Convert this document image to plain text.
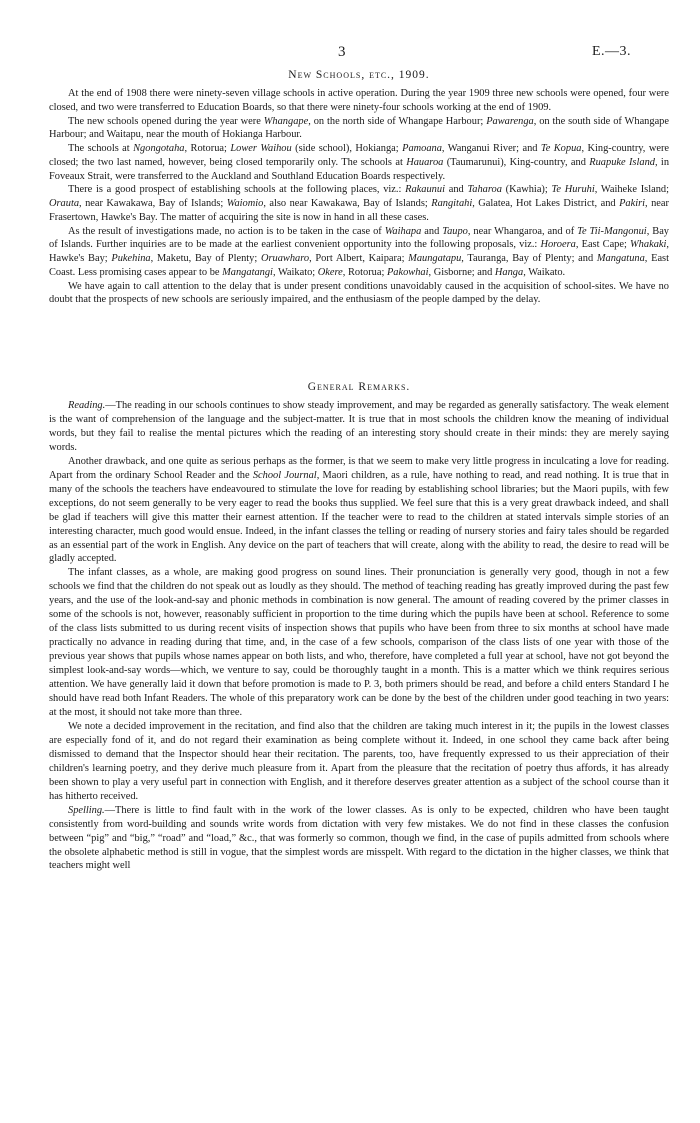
3	E.—3.
New Schools, etc., 1909.

At the end of 1908 there were ninety-seven village schools in active operation. During the year 1909 three new schools were opened, four were closed, and two were transferred to Education Boards, so that there were ninety-four schools working at the end of 1909.

The new schools opened during the year were Whangape, on the north side of Whangape Harbour; Pawarenga, on the south side of Whangape Harbour; and Waitapu, near the mouth of Hokianga Harbour.

The schools at Ngongotaha, Rotorua; Lower Waihou (side school), Hokianga; Pamoana, Wanganui River; and Te Kopua, King-country, were closed; the two last named, however, being closed temporarily only. The schools at Hauaroa (Taumarunui), King-country, and Ruapuke Island, in Foveaux Strait, were transferred to the Auckland and Southland Education Boards respectively.

There is a good prospect of establishing schools at the following places, viz.: Rakaunui and Taharoa (Kawhia); Te Huruhi, Waiheke Island; Orauta, near Kawakawa, Bay of Islands; Waiomio, also near Kawakawa, Bay of Islands; Rangitahi, Galatea, Hot Lakes District, and Pakiri, near Frasertown, Hawke's Bay. The matter of acquiring the site is now in hand in all these cases.

As the result of investigations made, no action is to be taken in the case of Waihapa and Taupo, near Whangaroa, and of Te Tii-Mangonui, Bay of Islands. Further inquiries are to be made at the earliest convenient opportunity into the following proposals, viz.: Horoera, East Cape; Whakaki, Hawke's Bay; Pukehina, Maketu, Bay of Plenty; Oruawharo, Port Albert, Kaipara; Maungatapu, Tauranga, Bay of Plenty; and Mangatuna, East Coast. Less promising cases appear to be Mangatangi, Waikato; Okere, Rotorua; Pakowhai, Gisborne; and Hanga, Waikato.

We have again to call attention to the delay that is under present conditions unavoidably caused in the acquisition of school-sites. We have no doubt that the prospects of new schools are seriously impaired, and the enthusiasm of the people damped by the delay.

General Remarks.

Reading.—The reading in our schools continues to show steady improvement, and may be regarded as generally satisfactory. The weak element is the want of comprehension of the language and the subject-matter. It is true that in most schools the children know the meaning of individual words, but they fail to realise the mental pictures which the reading of an interesting story should create in their minds: they are merely saying words.

Another drawback, and one quite as serious perhaps as the former, is that we seem to make very little progress in inculcating a love for reading. Apart from the ordinary School Reader and the School Journal, Maori children, as a rule, have nothing to read, and read nothing. It is true that in many of the schools the teachers have endeavoured to stimulate the love for reading by establishing school libraries; but the Maori pupils, with few exceptions, do not seem generally to be very eager to read the books thus supplied. We feel sure that this is a very great drawback indeed, and shall be glad if teachers will give this matter their earnest attention. If the teacher were to read to the children at stated intervals simple stories of an interesting character, much good would ensue. Indeed, in the infant classes the telling or reading of nursery stories and fairy tales should be regarded as an essential part of the work in English. Any device on the part of teachers that will create, along with the ability to read, the desire to read will be gladly accepted.

The infant classes, as a whole, are making good progress on sound lines. Their pronunciation is generally very good, though in not a few schools we find that the children do not speak out as loudly as they should. The method of teaching reading has greatly improved during the past few years, and the use of the look-and-say and phonic methods in combination is now general. The amount of reading covered by the primer classes in some of the schools is not, however, reasonably sufficient in proportion to the time during which the pupils have been at school. Reference to some of the class lists submitted to us during recent visits of inspection shows that pupils who have been from three to six months at school have made practically no advance in reading during that time, and, in the case of a few schools, comparison of the class lists of one year with those of the previous year shows that pupils whose names appear on both lists, and who, therefore, have completed a full year at school, have not got beyond the simplest look-and-say words—which, we venture to say, could be thoroughly taught in a month. This is a matter which we think requires serious attention. We have generally laid it down that before promotion is made to P. 3, both primers should be read, and before a child enters Standard I he should have read both Infant Readers. The whole of this preparatory work can be done by the best of the children under good teaching in two years: at the most, it should not take more than three.

We note a decided improvement in the recitation, and find also that the children are taking much interest in it; the pupils in the lowest classes are especially fond of it, and do not regard their examination as being complete without it. Indeed, in one school they came back after being dismissed to demand that the Inspector should hear their recitation. The parents, too, have frequently expressed to us their appreciation of their children's learning poetry, and they derive much pleasure from it. Apart from the pleasure that the recitation of poetry thus affords, it has already been shown to play a very useful part in connection with English, and it therefore deserves greater attention as a subject of the school course than it has hitherto received.

Spelling.—There is little to find fault with in the work of the lower classes. As is only to be expected, children who have been taught consistently from word-building and sounds write words from dictation with very few mistakes. We do not find in these classes the confusion between “pig” and “big,” “road” and “load,” &c., that was formerly so common, though we find, in the case of pupils admitted from schools where the obsolete alphabetic method is still in vogue, that the simplest words are misspelt. With regard to the dictation in the higher classes, we think that teachers might well
